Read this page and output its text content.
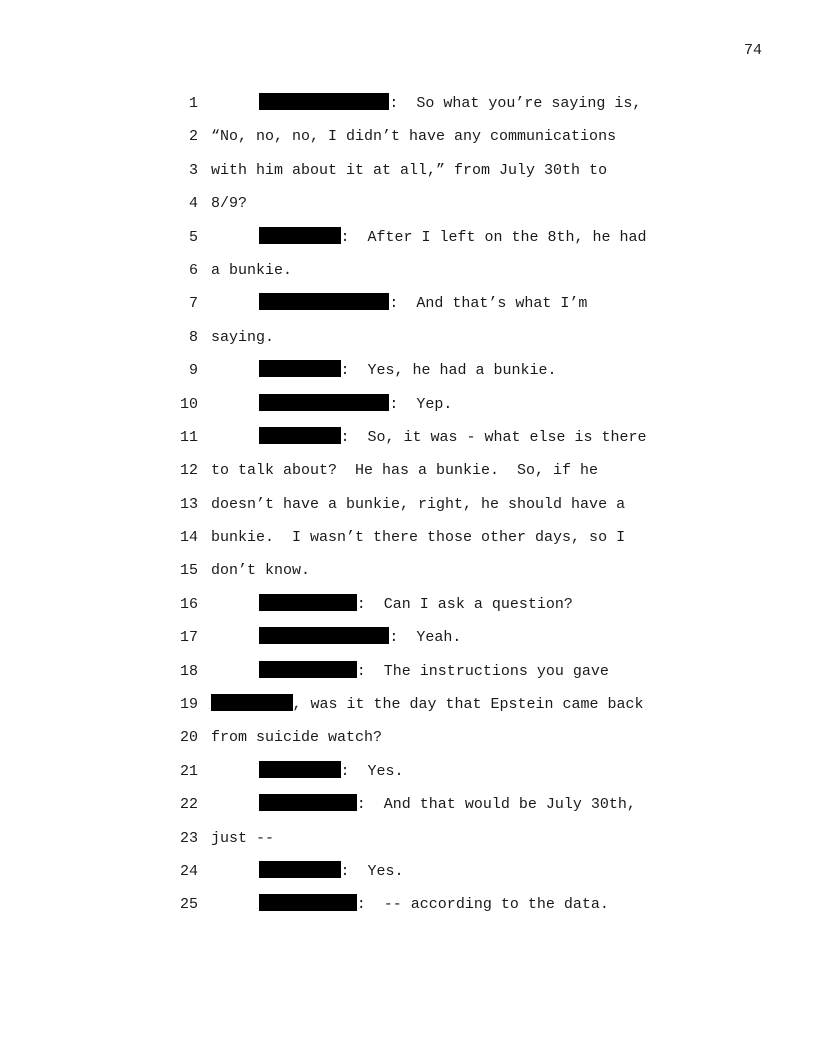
74
1	:  So what you’re saying is,
2 “No, no, no, I didn’t have any communications
3 with him about it at all,” from July 30th to
4 8/9?
5	:  After I left on the 8th, he had
6 a bunkie.
7	:  And that’s what I’m
8 saying.
9	:  Yes, he had a bunkie.
10	:  Yep.
11	:  So, it was - what else is there
12 to talk about?  He has a bunkie.  So, if he
13 doesn’t have a bunkie, right, he should have a
14 bunkie.  I wasn’t there those other days, so I
15 don’t know.
16	:  Can I ask a question?
17	:  Yeah.
18	:  The instructions you gave
19	, was it the day that Epstein came back
20 from suicide watch?
21	:  Yes.
22	:  And that would be July 30th,
23 just --
24	:  Yes.
25	:  -- according to the data.
